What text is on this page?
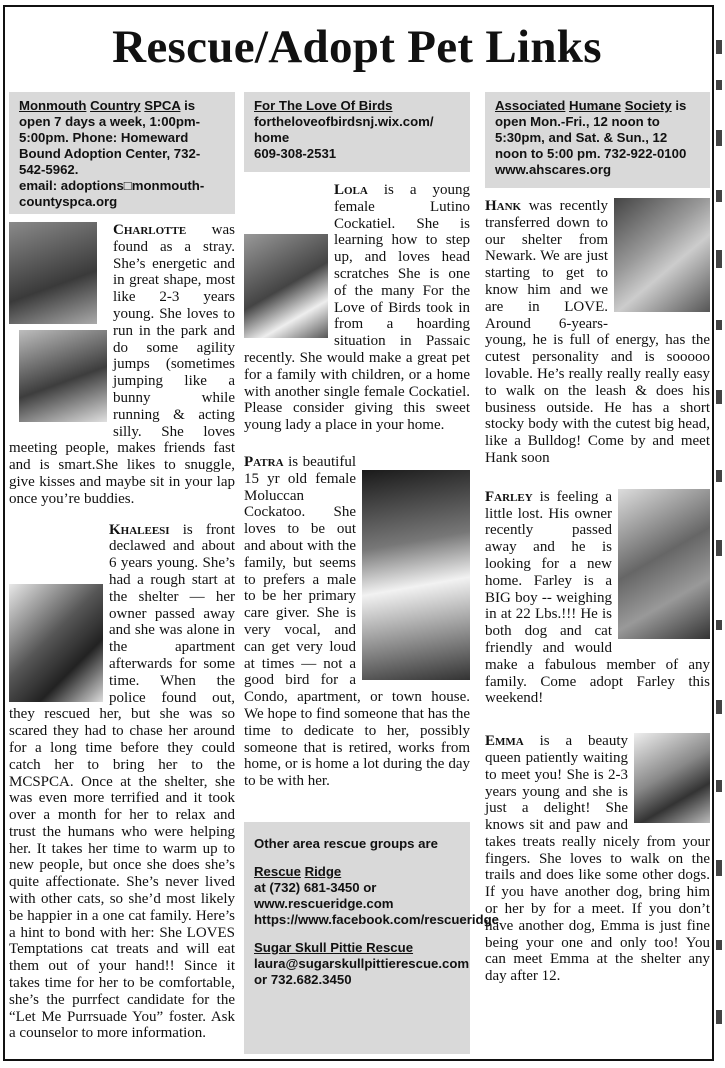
Rescue/Adopt Pet Links

Monmouth Country SPCA is open 7 days a week, 1:00pm-5:00pm. Phone: Homeward Bound Adoption Center, 732-542-5962.

email: adoptions□monmouth-countyspca.org

Charlotte was found as a stray. She’s energetic and in great shape, most like 2-3 years young. She loves to run in the park and do some agility jumps (sometimes jumping like a bunny while running & acting silly. She loves meeting people, makes friends fast and is smart.She likes to snuggle, give kisses and maybe sit in your lap once you’re buddies.

Khaleesi is front declawed and about 6 years young. She’s had a rough start at the shelter — her owner passed away and she was alone in the apartment afterwards for some time. When the police found out, they rescued her, but she was so scared they had to chase her around for a long time before they could catch her to bring her to the MCSPCA. Once at the shelter, she was even more terrified and it took over a month for her to relax and trust the humans who were helping her. It takes her time to warm up to new people, but once she does she’s quite affectionate. She’s never lived with other cats, so she’d most likely be happier in a one cat family. Here’s a hint to bond with her: She LOVES Temptations cat treats and will eat them out of your hand!! Since it takes time for her to be comfortable, she’s the purrfect candidate for the “Let Me Purrsuade You” foster. Ask a counselor to more information.

For The Love Of Birds

fortheloveofbirdsnj.wix.com/

home

609-308-2531

Lola is a young female Lutino Cockatiel. She is learning how to step up, and loves head scratches She is one of the many For the Love of Birds took in from a hoarding situation in Passaic recently. She would make a great pet for a family with children, or a home with another single female Cockatiel. Please consider giving this sweet young lady a place in your home.

Patra is beautiful 15 yr old female Moluccan Cockatoo. She loves to be out and about with the family, but seems to prefers a male to be her primary care giver. She is very vocal, and can get very loud at times — not a good bird for a Condo, apartment, or town house. We hope to find someone that has the time to dedicate to her, possibly someone that is retired, works from home, or is home a lot during the day to be with her.

Other area rescue groups are

Rescue Ridge

at (732) 681-3450 or www.rescueridge.com https://www.facebook.com/rescueridge

Sugar Skull Pittie Rescue

laura@sugarskullpittierescue.com or 732.682.3450

Associated Humane Society is open Mon.-Fri., 12 noon to 5:30pm, and Sat. & Sun., 12 noon to 5:00 pm. 732-922-0100 www.ahscares.org

Hank was recently transferred down to our shelter from Newark. We are just starting to get to know him and we are in LOVE. Around 6-years-young, he is full of energy, has the cutest personality and is sooooo lovable. He’s really really really easy to walk on the leash & does his business outside. He has a short stocky body with the cutest big head, like a Bulldog! Come by and meet Hank soon

Farley is feeling a little lost. His owner recently passed away and he is looking for a new home. Farley is a BIG boy -- weighing in at 22 Lbs.!!! He is both dog and cat friendly and would make a fabulous member of any family. Come adopt Farley this weekend!

Emma is a beauty queen patiently waiting to meet you! She is 2-3 years young and she is just a delight! She knows sit and paw and takes treats really nicely from your fingers. She loves to walk on the trails and does like some other dogs. If you have another dog, bring him or her by for a meet. If you don’t have another dog, Emma is just fine being your one and only too! You can meet Emma at the shelter any day after 12.
